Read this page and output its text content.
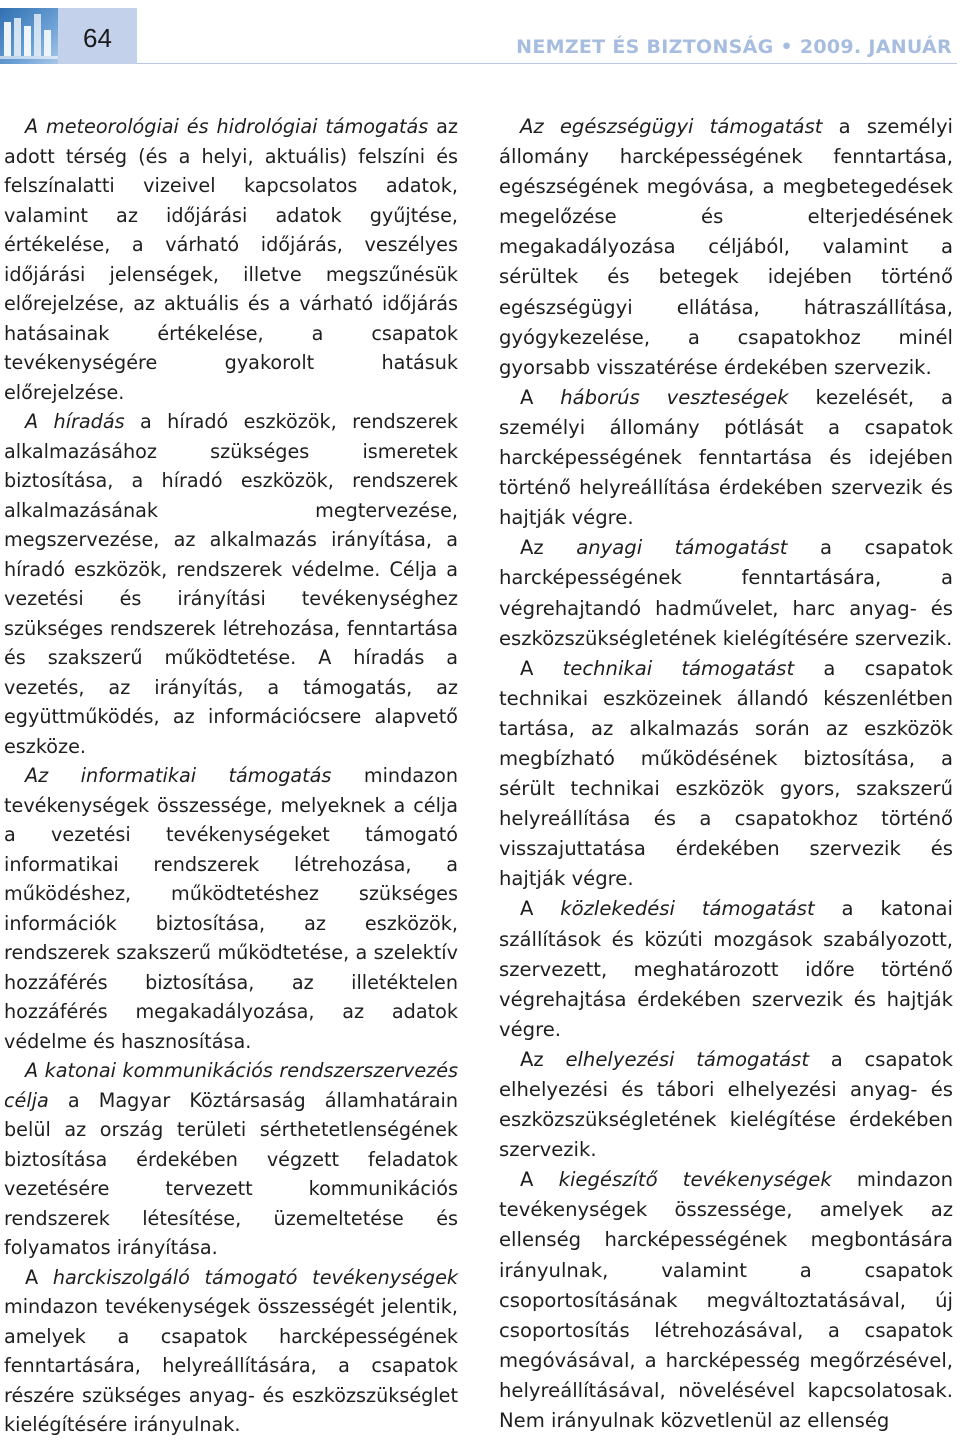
64	NEMZET ÉS BIZTONSÁG • 2009. JANUÁR

A meteorológiai és hidrológiai támogatás az adott térség (és a helyi, aktuális) felszíni és felszínalatti vizeivel kapcsolatos adatok, valamint az időjárási adatok gyűjtése, értékelése, a várható időjárás, veszélyes időjárási jelenségek, illetve megszűnésük előrejelzése, az aktuális és a várható időjárás hatásainak értékelése, a csapatok tevékenységére gyakorolt hatásuk előrejelzése.

A híradás a híradó eszközök, rendszerek alkalmazásához szükséges ismeretek biztosítása, a híradó eszközök, rendszerek alkalmazásának megtervezése, megszervezése, az alkalmazás irányítása, a híradó eszközök, rendszerek védelme. Célja a vezetési és irányítási tevékenységhez szükséges rendszerek létrehozása, fenntartása és szakszerű működtetése. A híradás a vezetés, az irányítás, a támogatás, az együttműködés, az információcsere alapvető eszköze.

Az informatikai támogatás mindazon tevékenységek összessége, melyeknek a célja a vezetési tevékenységeket támogató informatikai rendszerek létrehozása, a működéshez, működtetéshez szükséges információk biztosítása, az eszközök, rendszerek szakszerű működtetése, a szelektív hozzáférés biztosítása, az illetéktelen hozzáférés megakadályozása, az adatok védelme és hasznosítása.

A katonai kommunikációs rendszerszervezés célja a Magyar Köztársaság államhatárain belül az ország területi sérthetetlenségének biztosítása érdekében végzett feladatok vezetésére tervezett kommunikációs rendszerek létesítése, üzemeltetése és folyamatos irányítása.

A harckiszolgáló támogató tevékenységek mindazon tevékenységek összességét jelentik, amelyek a csapatok harcképességének fenntartására, helyreállítására, a csapatok részére szükséges anyag- és eszközszükséglet kielégítésére irányulnak.

Az egészségügyi támogatást a személyi állomány harcképességének fenntartása, egészségének megóvása, a megbetegedések megelőzése és elterjedésének megakadályozása céljából, valamint a sérültek és betegek idejében történő egészségügyi ellátása, hátraszállítása, gyógykezelése, a csapatokhoz minél gyorsabb visszatérése érdekében szervezik.

A háborús veszteségek kezelését, a személyi állomány pótlását a csapatok harcképességének fenntartása és idejében történő helyreállítása érdekében szervezik és hajtják végre.

Az anyagi támogatást a csapatok harcképességének fenntartására, a végrehajtandó hadművelet, harc anyag- és eszközszükségletének kielégítésére szervezik.

A technikai támogatást a csapatok technikai eszközeinek állandó készenlétben tartása, az alkalmazás során az eszközök megbízható működésének biztosítása, a sérült technikai eszközök gyors, szakszerű helyreállítása és a csapatokhoz történő visszajuttatása érdekében szervezik és hajtják végre.

A közlekedési támogatást a katonai szállítások és közúti mozgások szabályozott, szervezett, meghatározott időre történő végrehajtása érdekében szervezik és hajtják végre.

Az elhelyezési támogatást a csapatok elhelyezési és tábori elhelyezési anyag- és eszközszükségletének kielégítése érdekében szervezik.

A kiegészítő tevékenységek mindazon tevékenységek összessége, amelyek az ellenség harcképességének megbontására irányulnak, valamint a csapatok csoportosításának megváltoztatásával, új csoportosítás létrehozásával, a csapatok megóvásával, a harcképesség megőrzésével, helyreállításával, növelésével kapcsolatosak. Nem irányulnak közvetlenül az ellenség
